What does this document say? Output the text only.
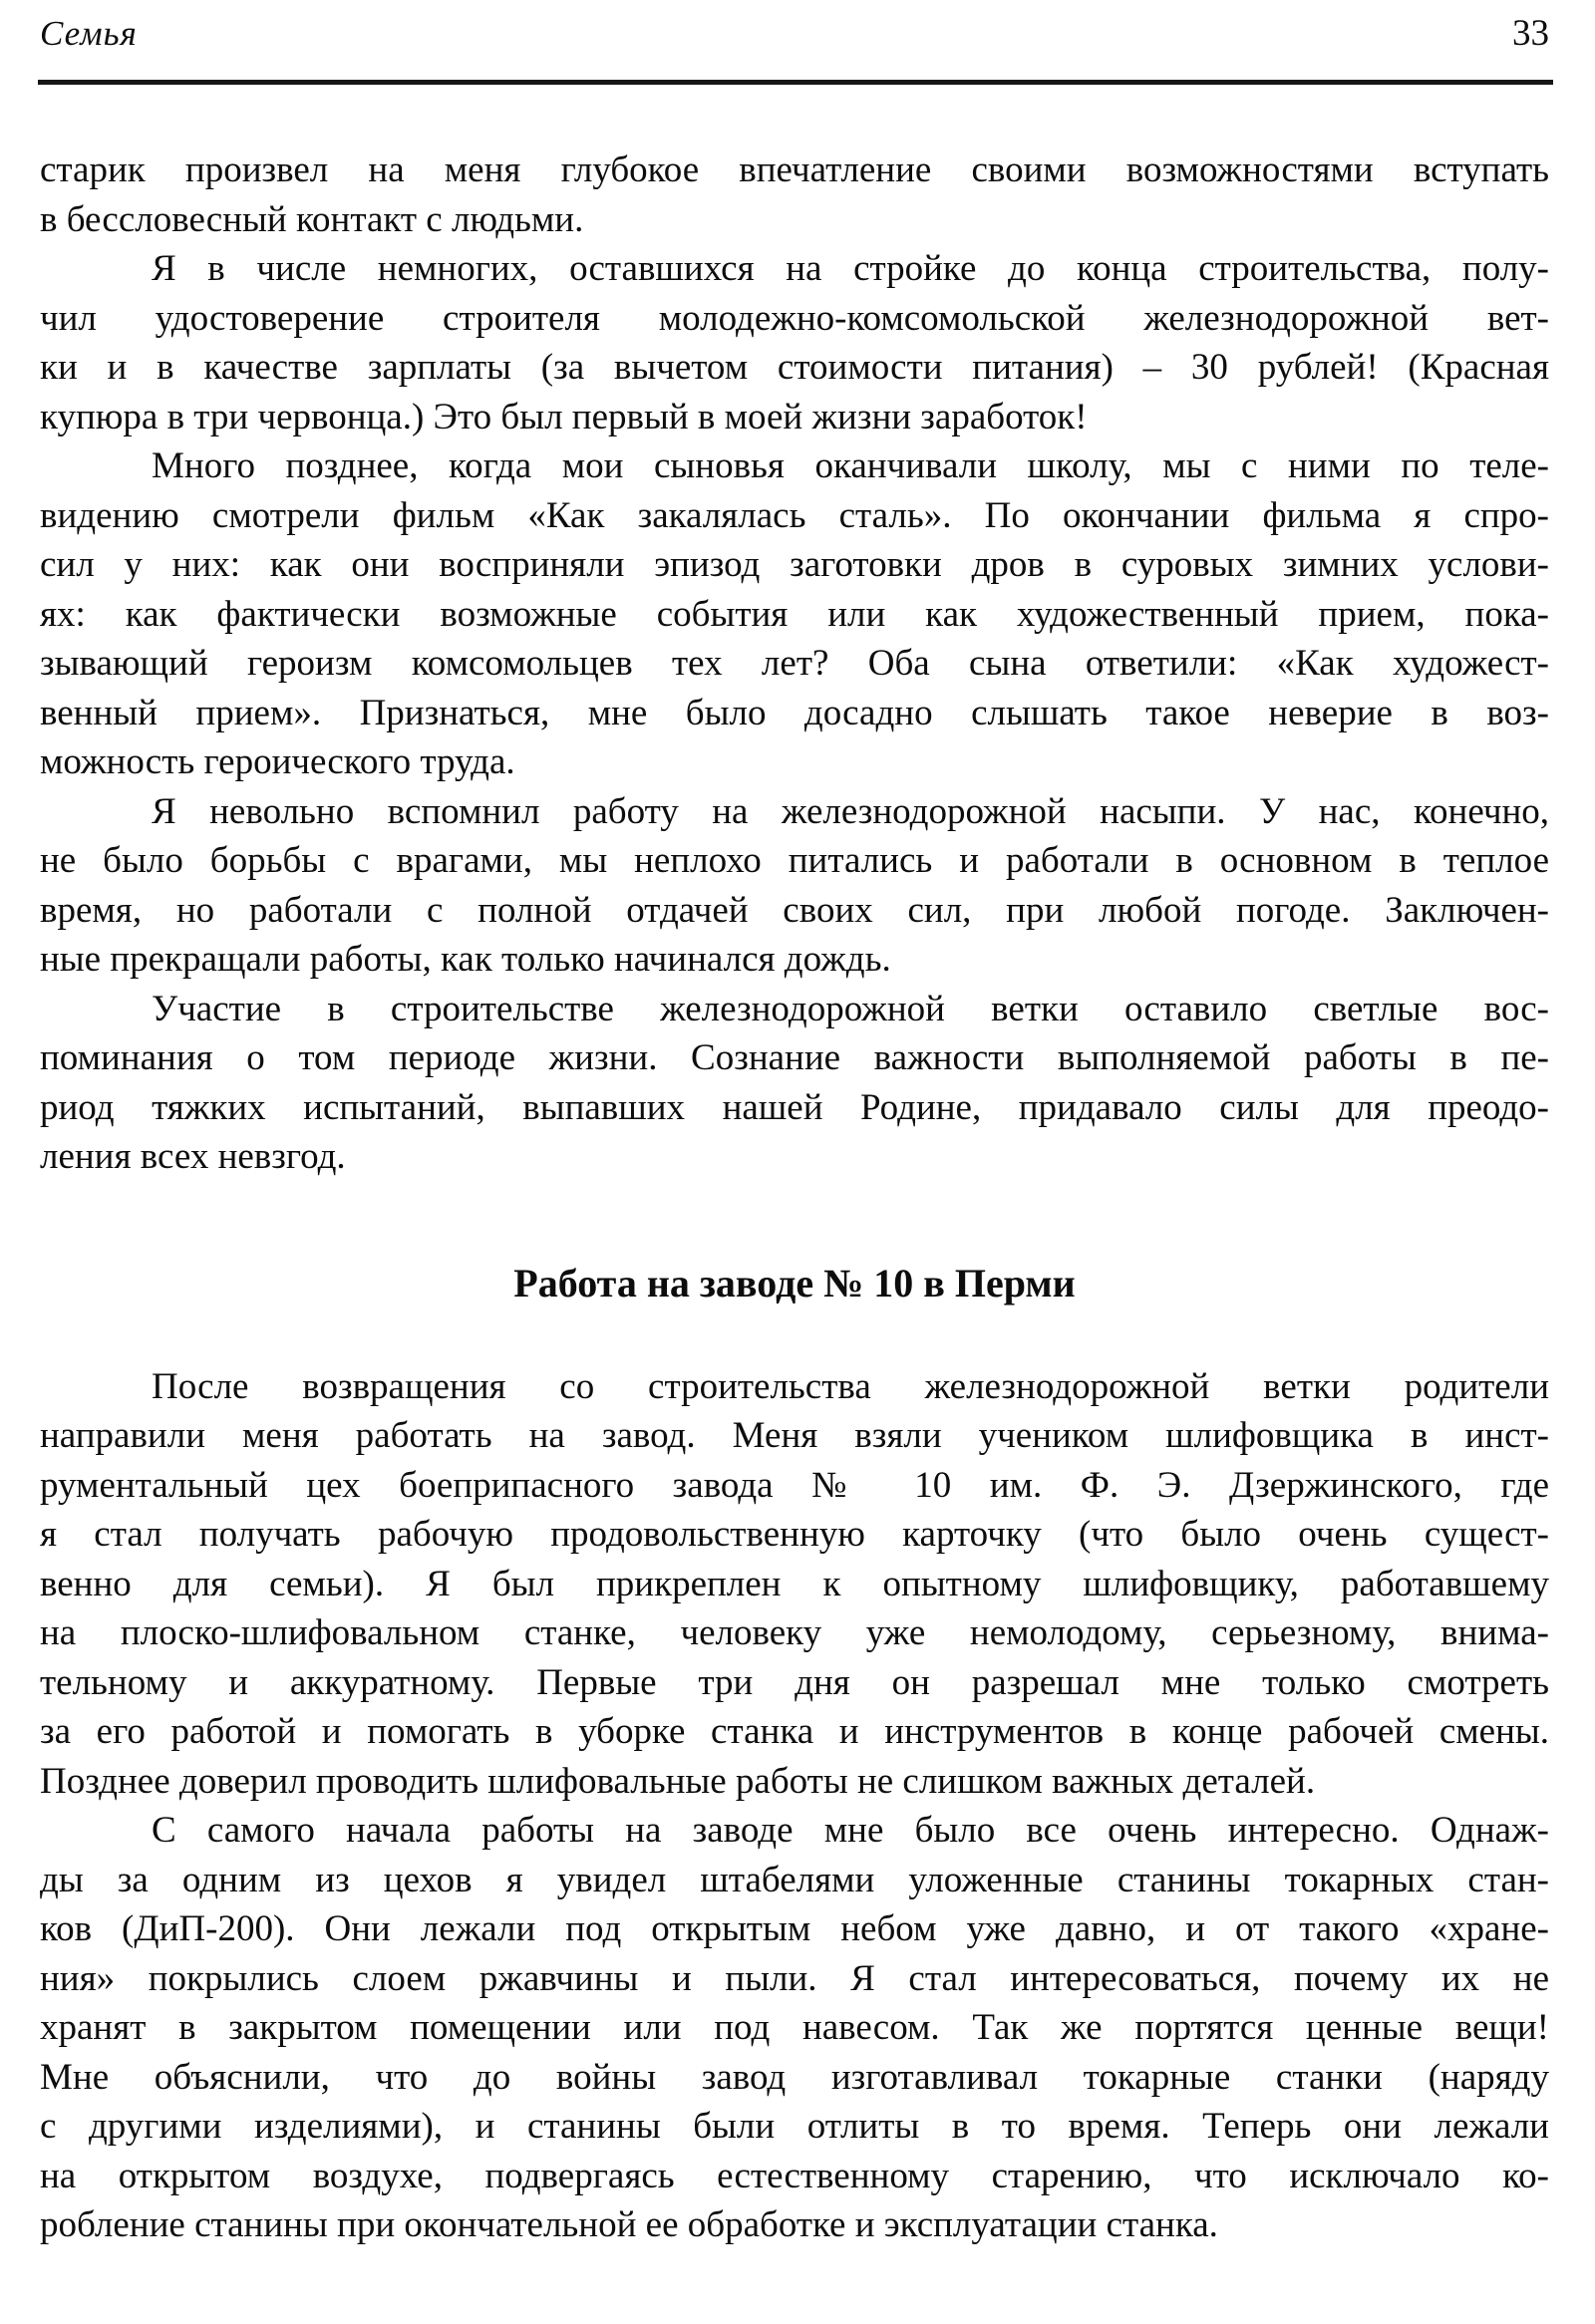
Семья	33
старик произвел на меня глубокое впечатление своими возможностями вступать
в бессловесный контакт с людьми.
Я в числе немногих, оставшихся на стройке до конца строительства, полу-
чил удостоверение строителя молодежно-комсомольской железнодорожной вет-
ки и в качестве зарплаты (за вычетом стоимости питания) – 30 рублей! (Красная
купюра в три червонца.) Это был первый в моей жизни заработок!
Много позднее, когда мои сыновья оканчивали школу, мы с ними по теле-
видению смотрели фильм «Как закалялась сталь». По окончании фильма я спро-
сил у них: как они восприняли эпизод заготовки дров в суровых зимних услови-
ях: как фактически возможные события или как художественный прием, пока-
зывающий героизм комсомольцев тех лет? Оба сына ответили: «Как художест-
венный прием». Признаться, мне было досадно слышать такое неверие в воз-
можность героического труда.
Я невольно вспомнил работу на железнодорожной насыпи. У нас, конечно,
не было борьбы с врагами, мы неплохо питались и работали в основном в теплое
время, но работали с полной отдачей своих сил, при любой погоде. Заключен-
ные прекращали работы, как только начинался дождь.
Участие в строительстве железнодорожной ветки оставило светлые вос-
поминания о том периоде жизни. Сознание важности выполняемой работы в пе-
риод тяжких испытаний, выпавших нашей Родине, придавало силы для преодо-
ления всех невзгод.
Работа на заводе № 10 в Перми
После возвращения со строительства железнодорожной ветки родители
направили меня работать на завод. Меня взяли учеником шлифовщика в инст-
рументальный цех боеприпасного завода № 10 им. Ф. Э. Дзержинского, где
я стал получать рабочую продовольственную карточку (что было очень сущест-
венно для семьи). Я был прикреплен к опытному шлифовщику, работавшему
на плоско-шлифовальном станке, человеку уже немолодому, серьезному, внима-
тельному и аккуратному. Первые три дня он разрешал мне только смотреть
за его работой и помогать в уборке станка и инструментов в конце рабочей смены.
Позднее доверил проводить шлифовальные работы не слишком важных деталей.
С самого начала работы на заводе мне было все очень интересно. Однаж-
ды за одним из цехов я увидел штабелями уложенные станины токарных стан-
ков (ДиП-200). Они лежали под открытым небом уже давно, и от такого «хране-
ния» покрылись слоем ржавчины и пыли. Я стал интересоваться, почему их не
хранят в закрытом помещении или под навесом. Так же портятся ценные вещи!
Мне объяснили, что до войны завод изготавливал токарные станки (наряду
с другими изделиями), и станины были отлиты в то время. Теперь они лежали
на открытом воздухе, подвергаясь естественному старению, что исключало ко-
робление станины при окончательной ее обработке и эксплуатации станка.
